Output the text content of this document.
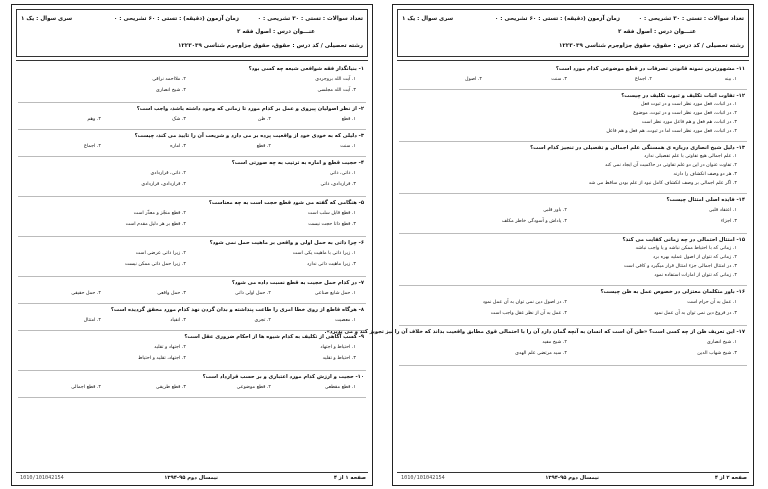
تعداد سوالات : تستی : ۳۰ تشریحی : ۰
زمان آزمون (دقیقه) : تستی : ۶۰ تشریحی : ۰
سری سوال : یک ۱
عنـــوان درس : اصول فقه ۲
رشته تحصیلی / کد درس : حقوق، حقوق جزاوجرم شناسی ۱۲۲۳۰۳۹
۱- بنیانگذار فقه شوافعی شیعه چه کسی بود؟
۱. آیت الله بروجردی
۲. ملااحمد نراقی
۳. آیت الله مجلسی
۴. شیخ انصاری
۲- از نظر اصولیان پیروی و عمل بر کدام مورد تا زمانی که وجود داشته باشد، واجب است؟
۱. قطع
۲. ظن
۳. شک
۴. وهم
۳- دلیلی که به خودی خود از واقعیت پرده بر می دارد و شریعت آن را تایید می کند، چیست؟
۱. سنت
۲. قطع
۳. اماره
۴. اجماع
۴- حجیت قطع و اماره به ترتیب به چه صورتی است؟
۱. ذاتی، ذاتی
۲. ذاتی، قراردادی
۳. قراردادی، ذاتی
۴. قراردادی، قراردادی
۵- هنگامی که گفته می شود قطع حجت است به چه معناست؟
۱. قطع قابل سلب است
۲. قطع منجّز و معذّر است
۳. قطع ذاتا حجت نیست
۴. قطع بر هر دلیل مقدم است
۶- چرا ذاتی به حمل اولی و واقعی بر ماهیت حمل نمی شود؟
۱. زیرا ذاتی با ماهیت یکی است
۲. زیرا ذاتی عرضی است
۳. زیرا ماهیت ذاتی ندارد
۴. زیرا حمل ذاتی ممکن نیست
۷- در کدام حمل حجیت به قطع نسبت داده می شود؟
۱. حمل شایع صناعی
۲. حمل اولی ذاتی
۳. حمل واقعی
۴. حمل حقیقی
۸- هرگاه قاطع از روی خطا امری را طاعت پنداشته و بدان گردن نهد کدام مورد محقق گردیده است؟
۱. معصیت
۲. تجری
۳. انقیاد
۴. امتثال
۹- کسب آگاهی از تکلیف به کدام شیوه ها از احکام ضروری عقل است؟
۱. احتیاط و اجتهاد
۲. اجتهاد و تقلید
۳. احتیاط و تقلید
۴. اجتهاد، تقلید و احتیاط
۱۰- حجیت و ارزش کدام مورد اعتباری و بر حسب قرارداد است؟
۱. قطع مقطعی
۲. قطع موضوعی
۳. قطع طریقی
۴. قطع اجمالی
صفحه ۱ از ۴
نیمسال دوم ۹۵-۱۳۹۴
1010/101042154
تعداد سوالات : تستی : ۳۰ تشریحی : ۰
زمان آزمون (دقیقه) : تستی : ۶۰ تشریحی : ۰
سری سوال : یک ۱
عنـــوان درس : اصول فقه ۲
رشته تحصیلی / کد درس : حقوق، حقوق جزاوجرم شناسی ۱۲۲۳۰۳۹
۱۱- مشهورترین نمونه قانونی تصرفات در قطع موضوعی کدام مورد است؟
۱. بینه
۲. اجماع
۳. سنت
۴. اصول
۱۲- تفاوت اثبات تکلیف و ثبوت تکلیف در چیست؟
۱. در اثبات، فعل مورد نظر است و در ثبوت فعل
۲. در اثبات، فعل مورد نظر است و در ثبوت، موضوع
۳. در اثبات، هم فعل و هم فاعل مورد نظر است
۴. در اثبات، فعل مورد نظر است اما در ثبوت، هم فعل و هم فاعل
۱۳- دلیل شیخ انصاری درباره ی همسنگی علم اجمالی و تفصیلی در تنجیز کدام است؟
۱. علم اجمالی هیچ تفاوتی با علم تفصیلی ندارد
۲. تفاوت عنوان در این دو علم تفاوتی در حاکمیت آن ایجاد نمی کند
۳. هر دو وصف انکشاف را دارند
۴. اگر علم اجمالی بر وصف انکشاف کامل نبود از علم بودن ساقط می شد
۱۴- فایده اصلی امتثال چیست؟
۱. اعتقاد قلبی
۲. باور قلبی
۳. اجزاء
۴. پاداش و آسودگی خاطر مکلف
۱۵- امتثال احتمالی در چه زمانی کفایت می کند؟
۱. زمانی که با احتیاط ممکن نباشد و یا واجب نباشد
۲. زمانی که نتوان از اصول عملیه بهره برد
۳. در امتثال اجمالی جزء امتثال قرار میگیرد و کافی است
۴. زمانی که نتوان از امارات استفاده نمود
۱۶- باور متکلمان معتزلی در خصوص عمل به ظن چیست؟
۱. عمل به آن حرام است
۲. در اصول دین نمی توان به آن عمل نمود
۳. در فروع دین نمی توان به آن عمل نمود
۴. عمل به آن از نظر عقل واجب است
۱۷- این تعریف ظن از چه کسی است؟ «ظن آن است که انسان به آنچه گمان دارد آن را با احتمالی قوی مطابق واقعیت بداند که خلاف آن را نیز تجویز کند و می پذیرد».
۱. شیخ انصاری
۲. شیخ مفید
۳. شیخ شهاب الدین
۴. سید مرتضی علم الهدی
صفحه ۲ از ۴
نیمسال دوم ۹۵-۱۳۹۴
1010/101042154
